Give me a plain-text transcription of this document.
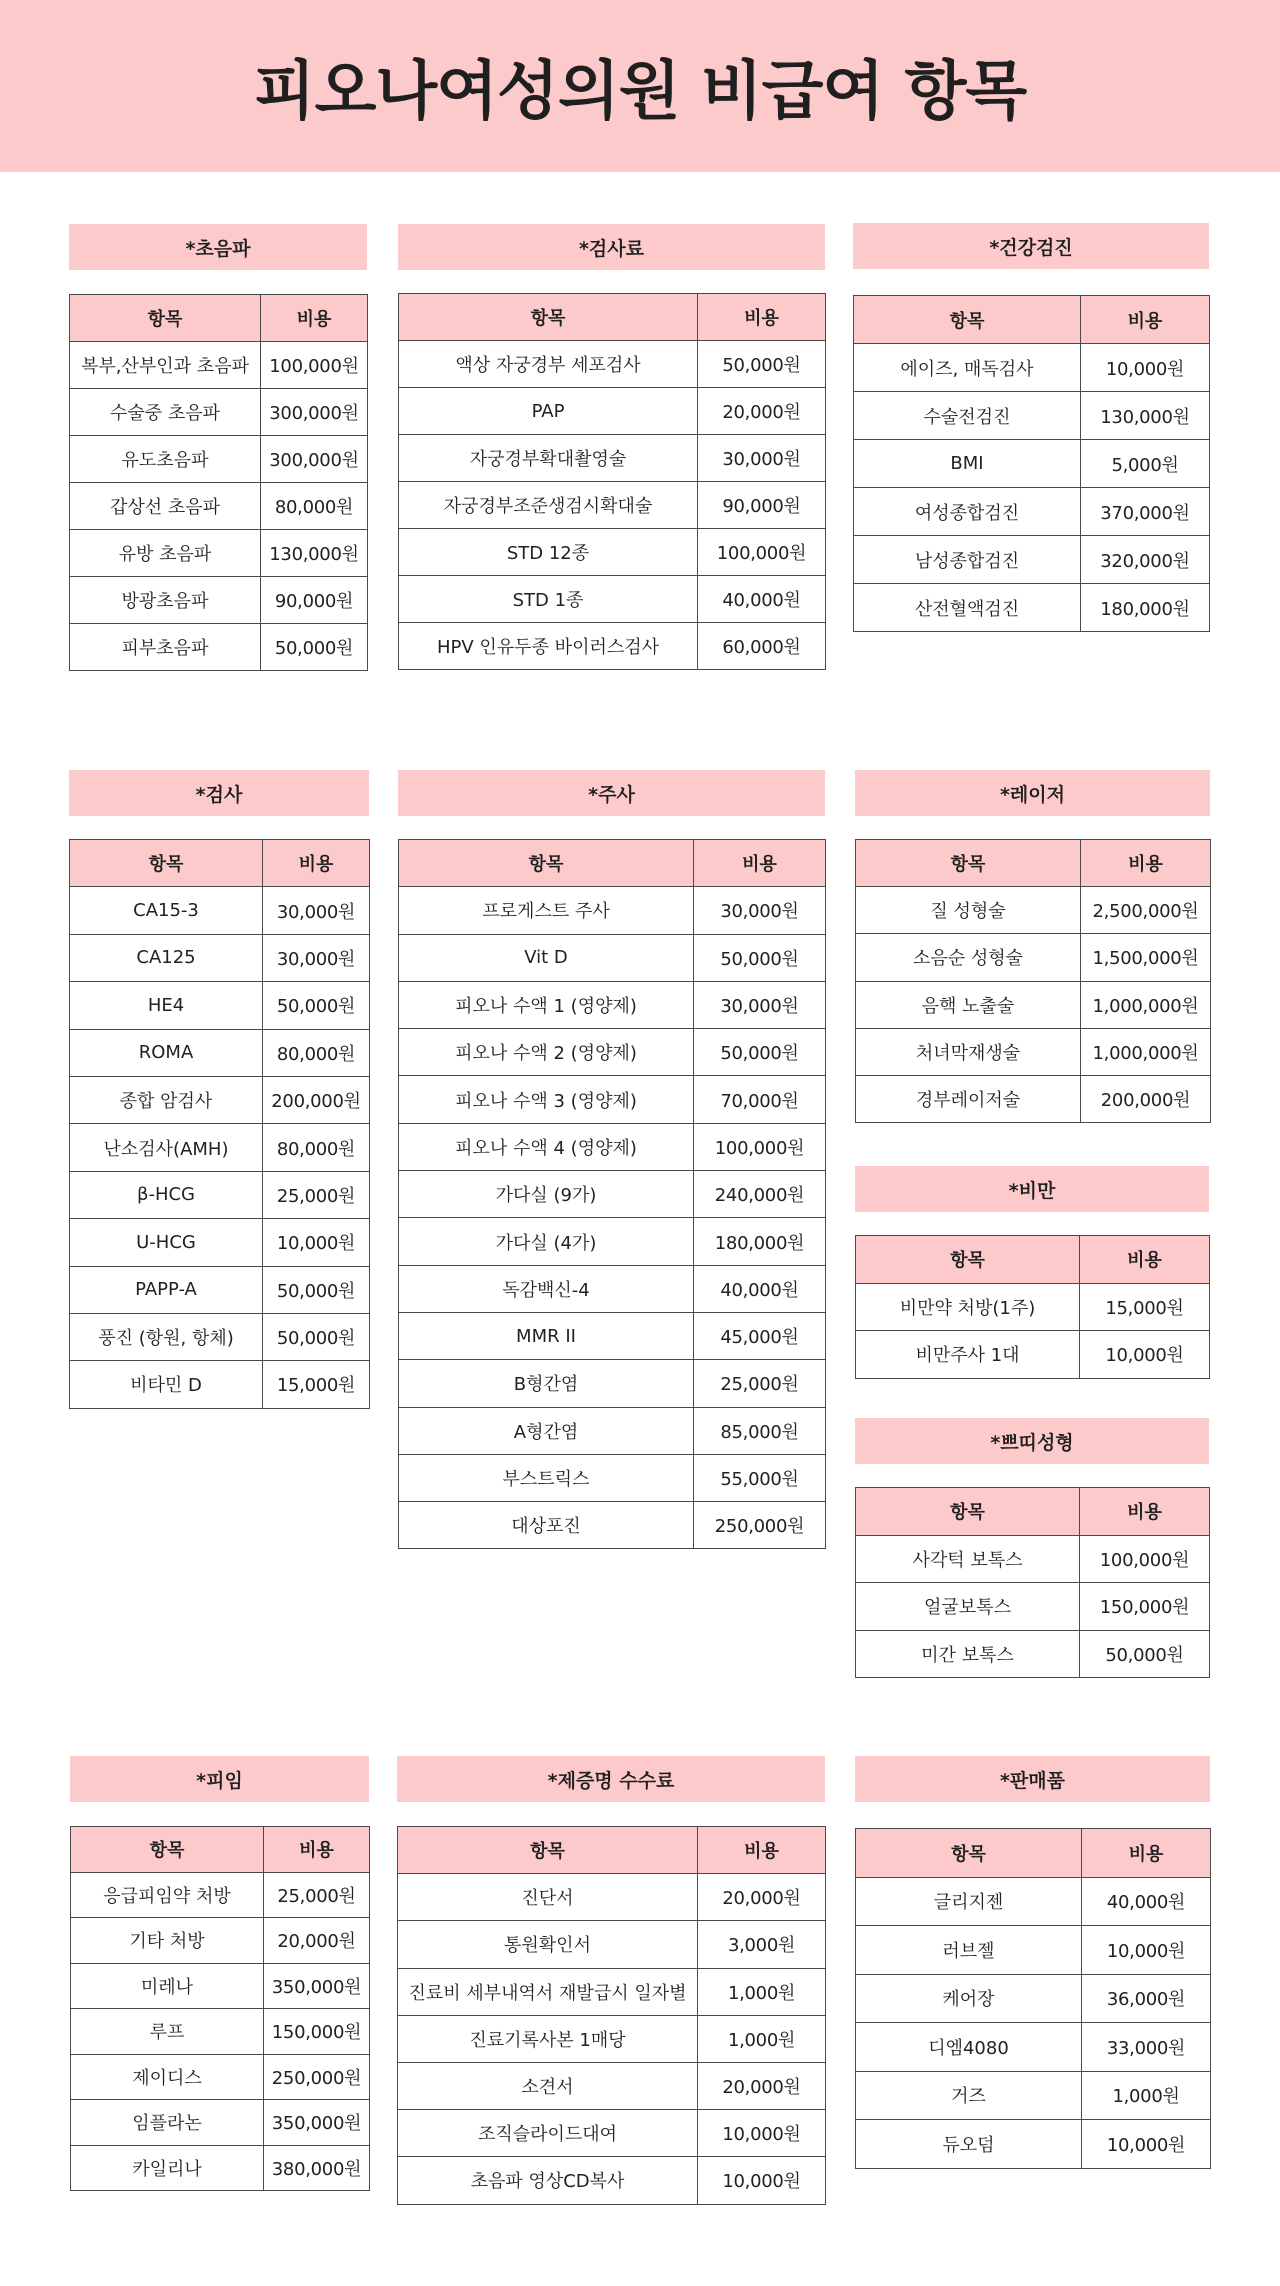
피오나여성의원 비급여 항목
*초음파
항목	비용
복부,산부인과 초음파	100,000원
수술중 초음파	300,000원
유도초음파	300,000원
갑상선 초음파	80,000원
유방 초음파	130,000원
방광초음파	90,000원
피부초음파	50,000원
*검사료
항목	비용
액상 자궁경부 세포검사	50,000원
PAP	20,000원
자궁경부확대촬영술	30,000원
자궁경부조준생검시확대술	90,000원
STD 12종	100,000원
STD 1종	40,000원
HPV 인유두종 바이러스검사	60,000원
*건강검진
항목	비용
에이즈, 매독검사	10,000원
수술전검진	130,000원
BMI	5,000원
여성종합검진	370,000원
남성종합검진	320,000원
산전혈액검진	180,000원
*검사
항목	비용
CA15-3	30,000원
CA125	30,000원
HE4	50,000원
ROMA	80,000원
종합 암검사	200,000원
난소검사(AMH)	80,000원
β-HCG	25,000원
U-HCG	10,000원
PAPP-A	50,000원
풍진 (항원, 항체)	50,000원
비타민 D	15,000원
*주사
항목	비용
프로게스트 주사	30,000원
Vit D	50,000원
피오나 수액 1 (영양제)	30,000원
피오나 수액 2 (영양제)	50,000원
피오나 수액 3 (영양제)	70,000원
피오나 수액 4 (영양제)	100,000원
가다실 (9가)	240,000원
가다실 (4가)	180,000원
독감백신-4	40,000원
MMR II	45,000원
B형간염	25,000원
A형간염	85,000원
부스트릭스	55,000원
대상포진	250,000원
*레이저
항목	비용
질 성형술	2,500,000원
소음순 성형술	1,500,000원
음핵 노출술	1,000,000원
처녀막재생술	1,000,000원
경부레이저술	200,000원
*비만
항목	비용
비만약 처방(1주)	15,000원
비만주사 1대	10,000원
*쁘띠성형
항목	비용
사각턱 보톡스	100,000원
얼굴보톡스	150,000원
미간 보톡스	50,000원
*피임
항목	비용
응급피임약 처방	25,000원
기타 처방	20,000원
미레나	350,000원
루프	150,000원
제이디스	250,000원
임플라논	350,000원
카일리나	380,000원
*제증명 수수료
항목	비용
진단서	20,000원
통원확인서	3,000원
진료비 세부내역서 재발급시 일자별	1,000원
진료기록사본 1매당	1,000원
소견서	20,000원
조직슬라이드대여	10,000원
초음파 영상CD복사	10,000원
*판매품
항목	비용
글리지젠	40,000원
러브젤	10,000원
케어장	36,000원
디엠4080	33,000원
거즈	1,000원
듀오덤	10,000원
